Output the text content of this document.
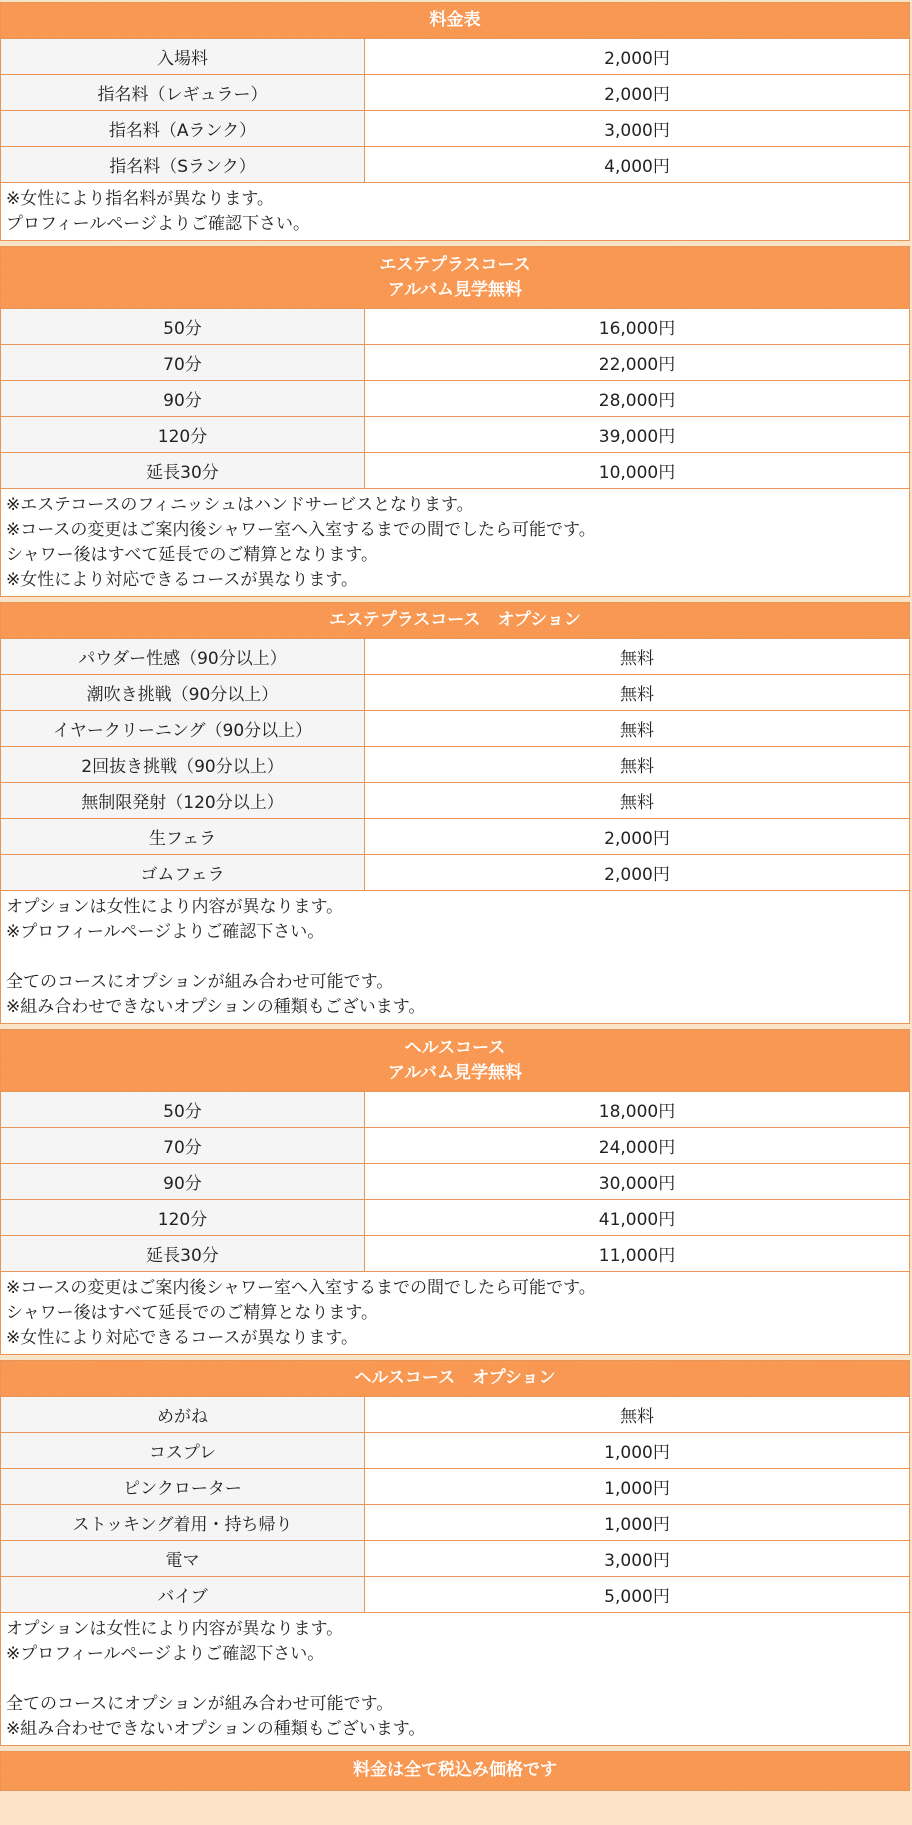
料金表
入場料	2,000円
指名料（レギュラー）	2,000円
指名料（Aランク）	3,000円
指名料（Sランク）	4,000円
※女性により指名料が異なります。
プロフィールページよりご確認下さい。
エステプラスコース
アルバム見学無料
50分	16,000円
70分	22,000円
90分	28,000円
120分	39,000円
延長30分	10,000円
※エステコースのフィニッシュはハンドサービスとなります。
※コースの変更はご案内後シャワー室へ入室するまでの間でしたら可能です。
シャワー後はすべて延長でのご精算となります。
※女性により対応できるコースが異なります。
エステプラスコース　オプション
パウダー性感（90分以上）	無料
潮吹き挑戦（90分以上）	無料
イヤークリーニング（90分以上）	無料
2回抜き挑戦（90分以上）	無料
無制限発射（120分以上）	無料
生フェラ	2,000円
ゴムフェラ	2,000円
オプションは女性により内容が異なります。
※プロフィールページよりご確認下さい。
全てのコースにオプションが組み合わせ可能です。
※組み合わせできないオプションの種類もございます。
ヘルスコース
アルバム見学無料
50分	18,000円
70分	24,000円
90分	30,000円
120分	41,000円
延長30分	11,000円
※コースの変更はご案内後シャワー室へ入室するまでの間でしたら可能です。
シャワー後はすべて延長でのご精算となります。
※女性により対応できるコースが異なります。
ヘルスコース　オプション
めがね	無料
コスプレ	1,000円
ピンクローター	1,000円
ストッキング着用・持ち帰り	1,000円
電マ	3,000円
バイブ	5,000円
オプションは女性により内容が異なります。
※プロフィールページよりご確認下さい。
全てのコースにオプションが組み合わせ可能です。
※組み合わせできないオプションの種類もございます。
料金は全て税込み価格です
